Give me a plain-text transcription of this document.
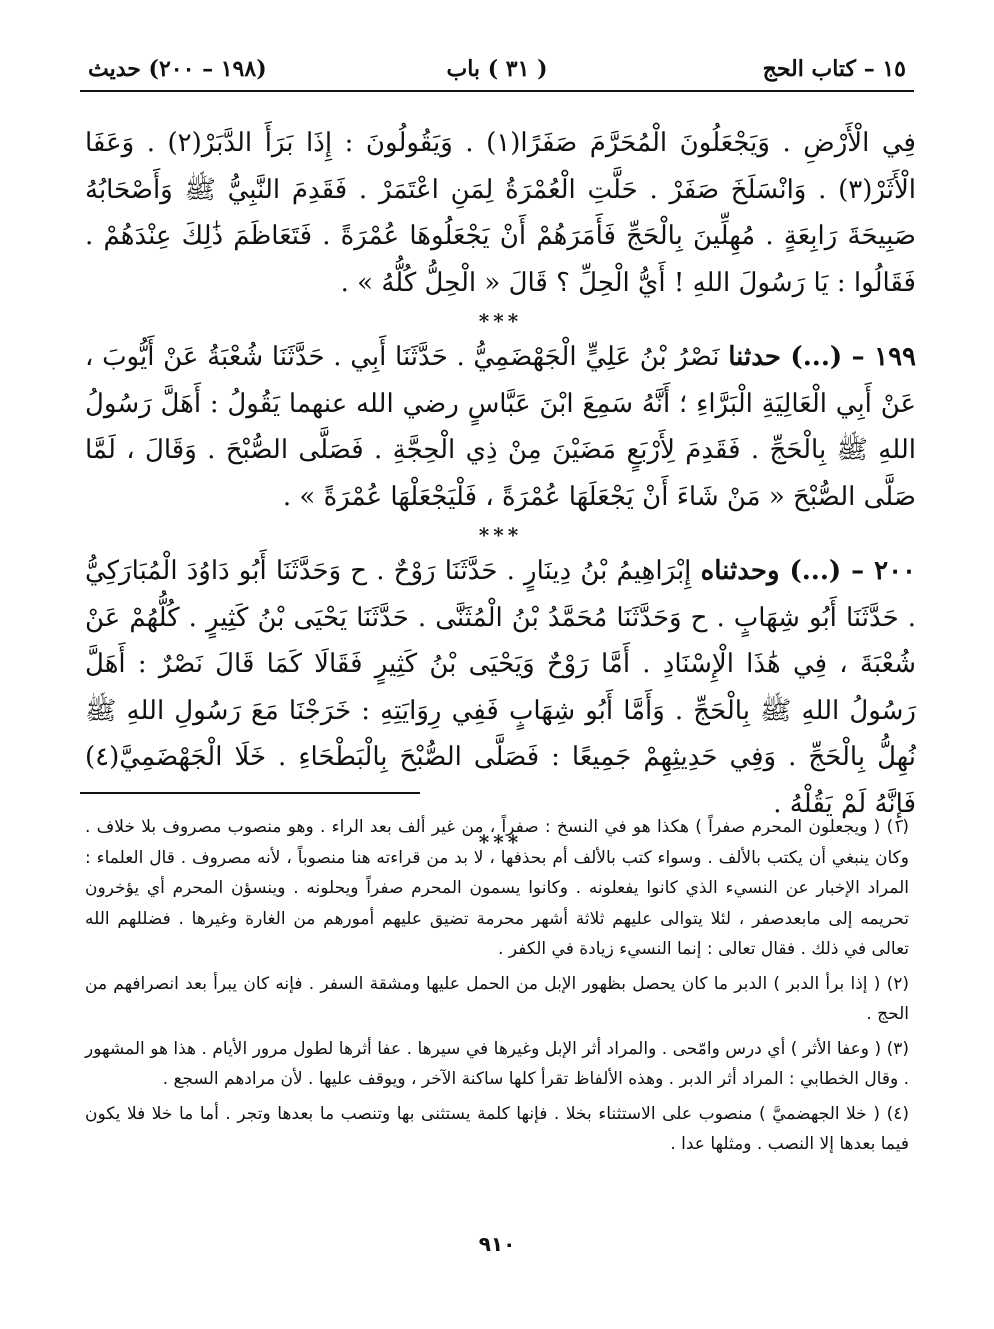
١٥ – كتاب الحج
( ٣١ ) باب
(١٩٨ – ٢٠٠) حديث

فِي الْأَرْضِ . وَيَجْعَلُونَ الْمُحَرَّمَ صَفَرًا(١) . وَيَقُولُونَ : إِذَا بَرَأَ الدَّبَرْ(٢) . وَعَفَا الْأَثَرْ(٣) . وَانْسَلَخَ صَفَرْ . حَلَّتِ الْعُمْرَةُ لِمَنِ اعْتَمَرْ . فَقَدِمَ النَّبِيُّ ﷺ وَأَصْحَابُهُ صَبِيحَةَ رَابِعَةٍ . مُهِلِّينَ بِالْحَجِّ فَأَمَرَهُمْ أَنْ يَجْعَلُوهَا عُمْرَةً . فَتَعَاظَمَ ذَٰلِكَ عِنْدَهُمْ . فَقَالُوا : يَا رَسُولَ اللهِ ! أَيُّ الْحِلِّ ؟ قَالَ « الْحِلُّ كُلُّهُ » .

***

١٩٩ – (...) حدثنا نَصْرُ بْنُ عَلِيٍّ الْجَهْضَمِيُّ . حَدَّثَنَا أَبِي . حَدَّثَنَا شُعْبَةُ عَنْ أَيُّوبَ ، عَنْ أَبِي الْعَالِيَةِ الْبَرَّاءِ ؛ أَنَّهُ سَمِعَ ابْنَ عَبَّاسٍ رضي الله عنهما يَقُولُ : أَهَلَّ رَسُولُ اللهِ ﷺ بِالْحَجِّ . فَقَدِمَ لِأَرْبَعٍ مَضَيْنَ مِنْ ذِي الْحِجَّةِ . فَصَلَّى الصُّبْحَ . وَقَالَ ، لَمَّا صَلَّى الصُّبْحَ « مَنْ شَاءَ أَنْ يَجْعَلَهَا عُمْرَةً ، فَلْيَجْعَلْهَا عُمْرَةً » .

***

٢٠٠ – (...) وحدثناه إِبْرَاهِيمُ بْنُ دِينَارٍ . حَدَّثَنَا رَوْحٌ . ح وَحَدَّثَنَا أَبُو دَاوُدَ الْمُبَارَكِيُّ . حَدَّثَنَا أَبُو شِهَابٍ . ح وَحَدَّثَنَا مُحَمَّدُ بْنُ الْمُثَنَّى . حَدَّثَنَا يَحْيَى بْنُ كَثِيرٍ . كُلُّهُمْ عَنْ شُعْبَةَ ، فِي هَٰذَا الْإِسْنَادِ . أَمَّا رَوْحٌ وَيَحْيَى بْنُ كَثِيرٍ فَقَالَا كَمَا قَالَ نَصْرٌ : أَهَلَّ رَسُولُ اللهِ ﷺ بِالْحَجِّ . وَأَمَّا أَبُو شِهَابٍ فَفِي رِوَايَتِهِ : خَرَجْنَا مَعَ رَسُولِ اللهِ ﷺ نُهِلُّ بِالْحَجِّ . وَفِي حَدِيثِهِمْ جَمِيعًا : فَصَلَّى الصُّبْحَ بِالْبَطْحَاءِ . خَلَا الْجَهْضَمِيَّ(٤) فَإِنَّهُ لَمْ يَقُلْهُ .

***

(١) ( ويجعلون المحرم صفراً ) هكذا هو في النسخ : صفراً ، من غير ألف بعد الراء . وهو منصوب مصروف بلا خلاف . وكان ينبغي أن يكتب بالألف . وسواء كتب بالألف أم بحذفها ، لا بد من قراءته هنا منصوباً ، لأنه مصروف . قال العلماء : المراد الإخبار عن النسيء الذي كانوا يفعلونه . وكانوا يسمون المحرم صفراً ويحلونه . وينسؤن المحرم أي يؤخرون تحريمه إلى مابعدصفر ، لئلا يتوالى عليهم ثلاثة أشهر محرمة تضيق عليهم أمورهم من الغارة وغيرها . فضللهم الله تعالى في ذلك . فقال تعالى : إنما النسيء زيادة في الكفر .

(٢) ( إذا برأ الدبر ) الدبر ما كان يحصل بظهور الإبل من الحمل عليها ومشقة السفر . فإنه كان يبرأ بعد انصرافهم من الحج .

(٣) ( وعفا الأثر ) أي درس وامّحى . والمراد أثر الإبل وغيرها في سيرها . عفا أثرها لطول مرور الأيام . هذا هو المشهور . وقال الخطابي : المراد أثر الدبر . وهذه الألفاظ تقرأ كلها ساكنة الآخر ، ويوقف عليها . لأن مرادهم السجع .

(٤) ( خلا الجهضميَّ ) منصوب على الاستثناء بخلا . فإنها كلمة يستثنى بها وتنصب ما بعدها وتجر . أما ما خلا فلا يكون فيما بعدها إلا النصب . ومثلها عدا .

٩١٠
